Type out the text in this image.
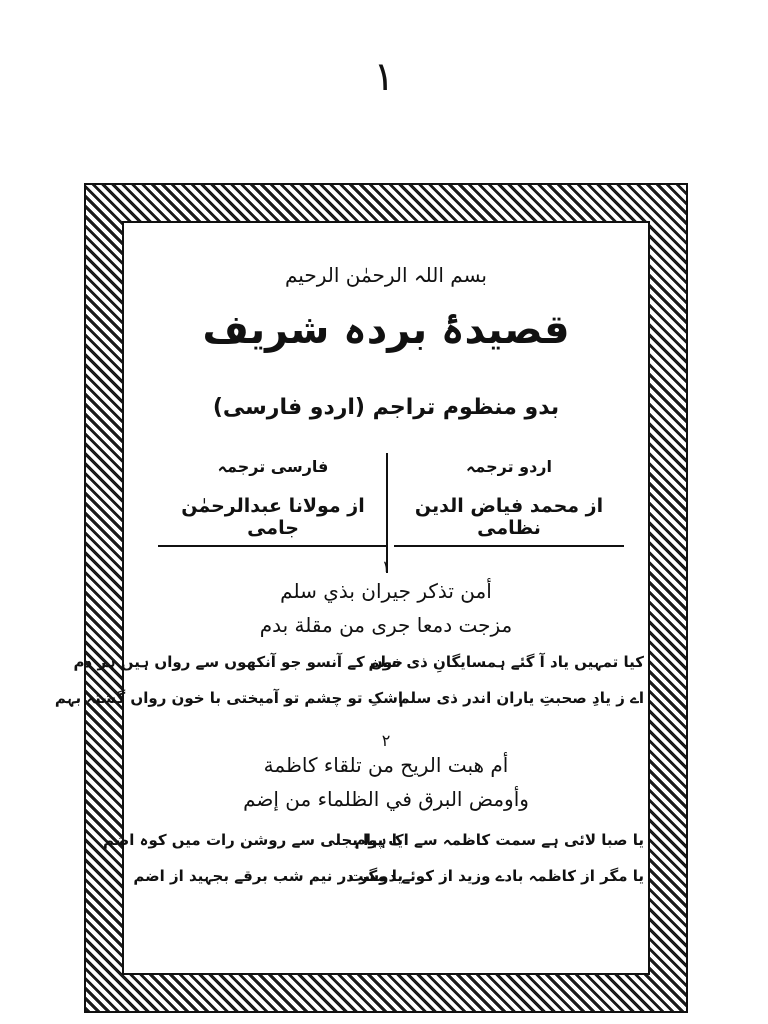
١
بسم اللہ الرحمٰن الرحیم
قصیدۂ بردہ شریف
بدو منظوم تراجم (اردو فارسی)
اردو ترجمہ
از محمد فیاض الدین نظامی
فارسی ترجمہ
از مولانا عبدالرحمٰن جامی
١
أمن تذكر جيران بذي سلم
مزجت دمعا جرى من مقلة بدم
کیا تمہیں یاد آ گئے ہمسایگانِ ذی سلم
خون کے آنسو جو آنکھوں سے رواں ہیں ہر دم
اے ز یادِ صحبتِ یاران اندر ذی سلم
اشکِ تو چشم تو آمیختی با خون رواں گشتہ بہم
٢
أم هبت الريح من تلقاء كاظمة
وأومض البرق في الظلماء من إضم
یا صبا لائی ہے سمت کاظمہ سے اک پیام
یا ہوا بجلی سے روشن رات میں کوہ اضم
یا مگر از کاظمہ بادے وزید از کوئے دوست
یا مگر در نیم شب برقے بجہید از اضم
